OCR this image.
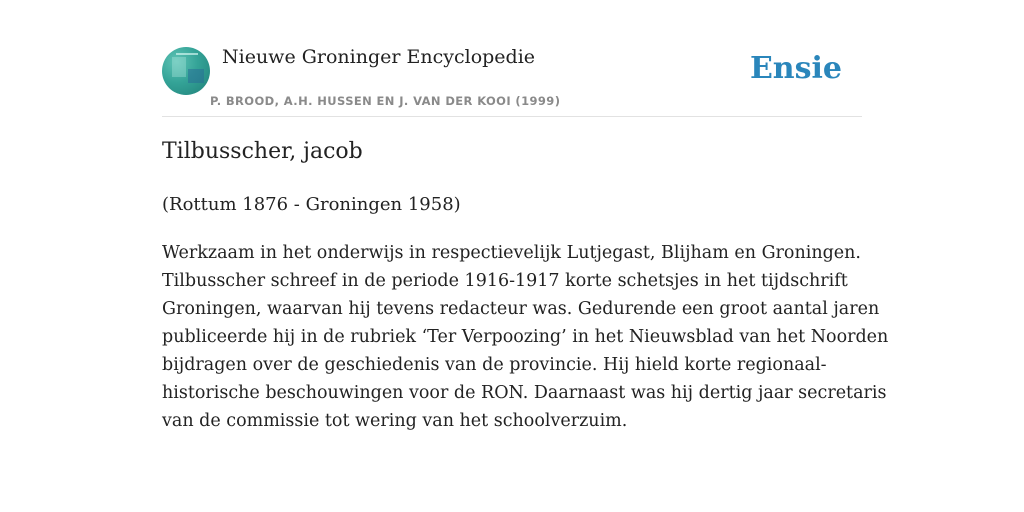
Nieuwe Groninger Encyclopedie
P. BROOD, A.H. HUSSEN EN J. VAN DER KOOI (1999)
Ensie
Tilbusscher, jacob
(Rottum 1876 - Groningen 1958)
Werkzaam in het onderwijs in respectievelijk Lutjegast, Blijham en Groningen.
Tilbusscher schreef in de periode 1916-1917 korte schetsjes in het tijdschrift
Groningen, waarvan hij tevens redacteur was. Gedurende een groot aantal jaren
publiceerde hij in de rubriek ‘Ter Verpoozing’ in het Nieuwsblad van het Noorden
bijdragen over de geschiedenis van de provincie. Hij hield korte regionaal-
historische beschouwingen voor de RON. Daarnaast was hij dertig jaar secretaris
van de commissie tot wering van het schoolverzuim.
